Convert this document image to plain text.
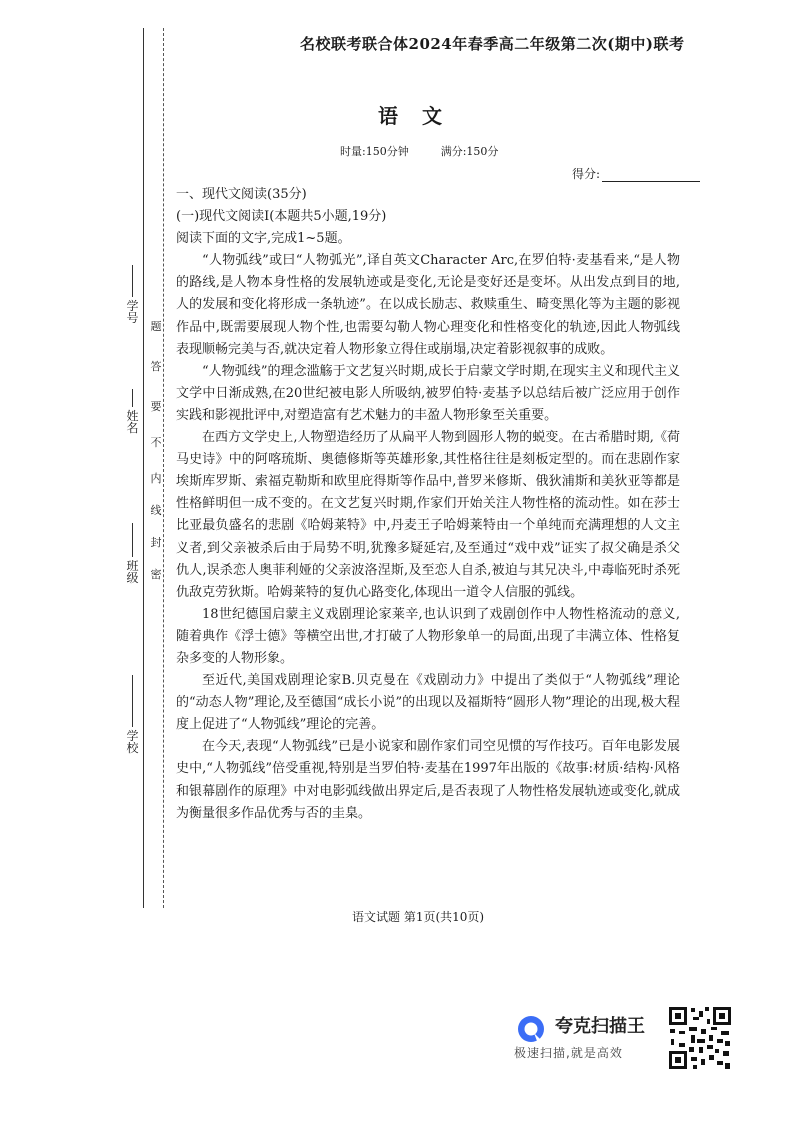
学号
姓名
班级
学校
题
答
要
不
内
线
封
密
名校联考联合体2024年春季高二年级第二次(期中)联考
语文
时量:150分钟	满分:150分
得分:

一、现代文阅读(35分)

(一)现代文阅读Ⅰ(本题共5小题,19分)

阅读下面的文字,完成1~5题。

“人物弧线”或曰“人物弧光”,译自英文Character Arc,在罗伯特·麦基看来,“是人物的路线,是人物本身性格的发展轨迹或是变化,无论是变好还是变坏。从出发点到目的地,人的发展和变化将形成一条轨迹”。在以成长励志、救赎重生、畸变黑化等为主题的影视作品中,既需要展现人物个性,也需要勾勒人物心理变化和性格变化的轨迹,因此人物弧线表现顺畅完美与否,就决定着人物形象立得住或崩塌,决定着影视叙事的成败。

“人物弧线”的理念滥觞于文艺复兴时期,成长于启蒙文学时期,在现实主义和现代主义文学中日渐成熟,在20世纪被电影人所吸纳,被罗伯特·麦基予以总结后被广泛应用于创作实践和影视批评中,对塑造富有艺术魅力的丰盈人物形象至关重要。

在西方文学史上,人物塑造经历了从扁平人物到圆形人物的蜕变。在古希腊时期,《荷马史诗》中的阿喀琉斯、奥德修斯等英雄形象,其性格往往是刻板定型的。而在悲剧作家埃斯库罗斯、索福克勒斯和欧里庇得斯等作品中,普罗米修斯、俄狄浦斯和美狄亚等都是性格鲜明但一成不变的。在文艺复兴时期,作家们开始关注人物性格的流动性。如在莎士比亚最负盛名的悲剧《哈姆莱特》中,丹麦王子哈姆莱特由一个单纯而充满理想的人文主义者,到父亲被杀后由于局势不明,犹豫多疑延宕,及至通过“戏中戏”证实了叔父确是杀父仇人,误杀恋人奥菲利娅的父亲波洛涅斯,及至恋人自杀,被迫与其兄决斗,中毒临死时杀死仇敌克劳狄斯。哈姆莱特的复仇心路变化,体现出一道令人信服的弧线。

18世纪德国启蒙主义戏剧理论家莱辛,也认识到了戏剧创作中人物性格流动的意义,随着典作《浮士德》等横空出世,才打破了人物形象单一的局面,出现了丰满立体、性格复杂多变的人物形象。

至近代,美国戏剧理论家B.贝克曼在《戏剧动力》中提出了类似于“人物弧线”理论的“动态人物”理论,及至德国“成长小说”的出现以及福斯特“圆形人物”理论的出现,极大程度上促进了“人物弧线”理论的完善。

在今天,表现“人物弧线”已是小说家和剧作家们司空见惯的写作技巧。百年电影发展史中,“人物弧线”倍受重视,特别是当罗伯特·麦基在1997年出版的《故事:材质·结构·风格和银幕剧作的原理》中对电影弧线做出界定后,是否表现了人物性格发展轨迹或变化,就成为衡量很多作品优秀与否的圭臬。

语文试题 第1页(共10页)
夸克扫描王
极速扫描,就是高效
